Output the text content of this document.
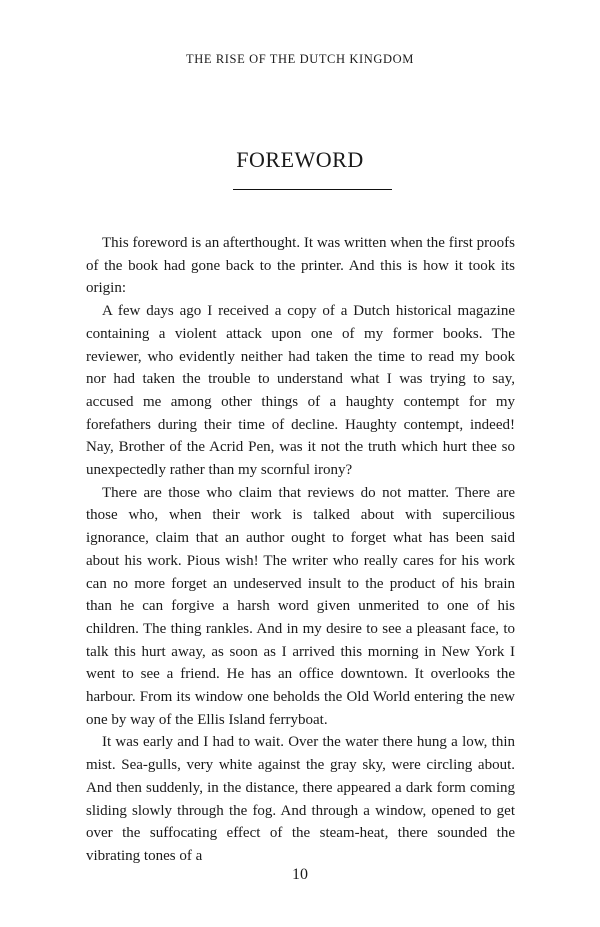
THE RISE OF THE DUTCH KINGDOM
FOREWORD

This foreword is an afterthought. It was written when the first proofs of the book had gone back to the printer. And this is how it took its origin:

A few days ago I received a copy of a Dutch historical magazine containing a violent attack upon one of my former books. The reviewer, who evidently neither had taken the time to read my book nor had taken the trouble to understand what I was trying to say, accused me among other things of a haughty contempt for my forefathers during their time of decline. Haughty contempt, indeed! Nay, Brother of the Acrid Pen, was it not the truth which hurt thee so unexpectedly rather than my scornful irony?

There are those who claim that reviews do not matter. There are those who, when their work is talked about with supercilious ignorance, claim that an author ought to forget what has been said about his work. Pious wish! The writer who really cares for his work can no more forget an undeserved insult to the product of his brain than he can forgive a harsh word given unmerited to one of his children. The thing rankles. And in my desire to see a pleasant face, to talk this hurt away, as soon as I arrived this morning in New York I went to see a friend. He has an office downtown. It overlooks the harbour. From its window one beholds the Old World entering the new one by way of the Ellis Island ferryboat.

It was early and I had to wait. Over the water there hung a low, thin mist. Sea-gulls, very white against the gray sky, were circling about. And then suddenly, in the distance, there appeared a dark form coming sliding slowly through the fog. And through a window, opened to get over the suffocating effect of the steam-heat, there sounded the vibrating tones of a

10
